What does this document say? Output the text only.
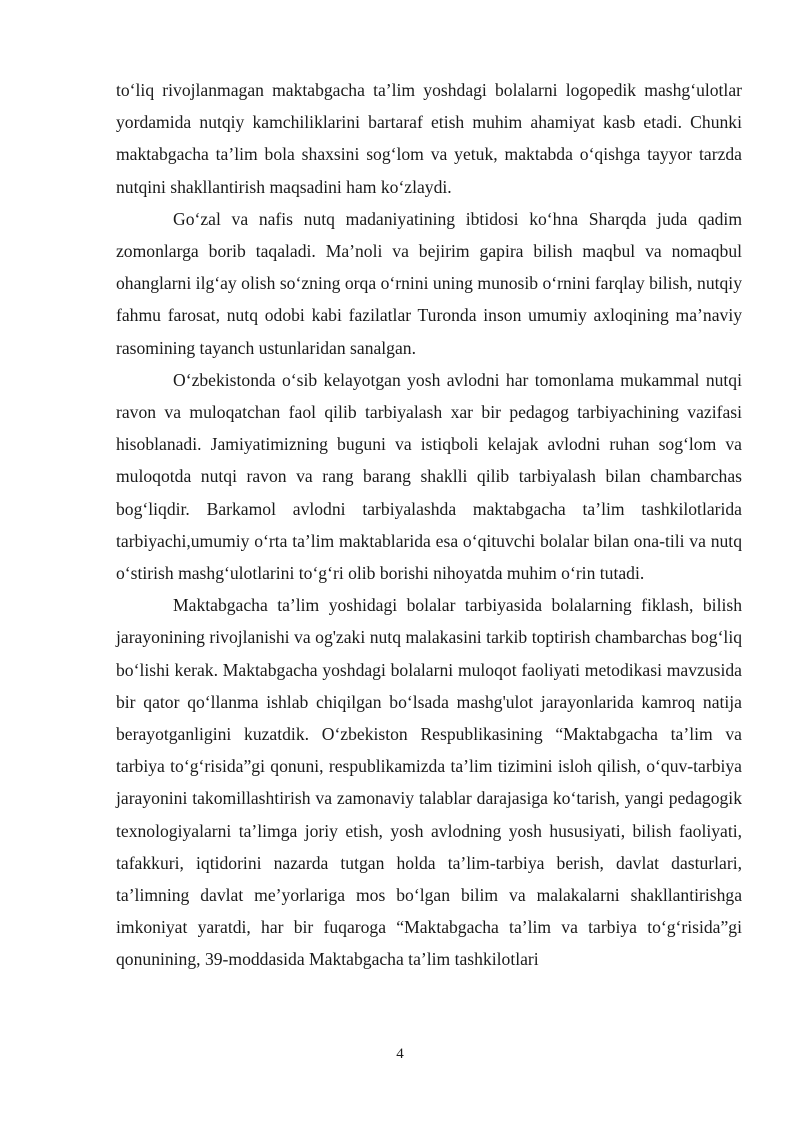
to‘liq rivojlanmagan maktabgacha ta’lim yoshdagi bolalarni logopedik mashg‘ulotlar yordamida nutqiy kamchiliklarini bartaraf etish muhim ahamiyat kasb etadi. Chunki maktabgacha ta’lim bola shaxsini sog‘lom va yetuk, maktabda o‘qishga tayyor tarzda nutqini shakllantirish maqsadini ham ko‘zlaydi.

Go‘zal va nafis nutq madaniyatining ibtidosi ko‘hna Sharqda juda qadim zomonlarga borib taqaladi. Ma’noli va bejirim gapira bilish maqbul va nomaqbul ohanglarni ilg‘ay olish so‘zning orqa o‘rnini uning munosib o‘rnini farqlay bilish, nutqiy fahmu farosat, nutq odobi kabi fazilatlar Turonda inson umumiy axloqining ma’naviy rasomining tayanch ustunlaridan sanalgan.

O‘zbekistonda o‘sib kelayotgan yosh avlodni har tomonlama mukammal nutqi ravon va muloqatchan faol qilib tarbiyalash xar bir pedagog tarbiyachining vazifasi hisoblanadi. Jamiyatimizning buguni va istiqboli kelajak avlodni ruhan sog‘lom va muloqotda nutqi ravon va rang barang shaklli qilib tarbiyalash bilan chambarchas bog‘liqdir. Barkamol avlodni tarbiyalashda maktabgacha ta’lim tashkilotlarida tarbiyachi,umumiy o‘rta ta’lim maktablarida esa o‘qituvchi bolalar bilan ona-tili va nutq o‘stirish mashg‘ulotlarini to‘g‘ri olib borishi nihoyatda muhim o‘rin tutadi.

Maktabgacha ta’lim yoshidagi bolalar tarbiyasida bolalarning fiklash, bilish jarayonining rivojlanishi va og'zaki nutq malakasini tarkib toptirish chambarchas bog‘liq bo‘lishi kerak. Maktabgacha yoshdagi bolalarni muloqot faoliyati metodikasi mavzusida bir qator qo‘llanma ishlab chiqilgan bo‘lsada mashg'ulot jarayonlarida kamroq natija berayotganligini kuzatdik. O‘zbekiston Respublikasining “Maktabgacha ta’lim va tarbiya to‘g‘risida”gi qonuni, respublikamizda ta’lim tizimini isloh qilish, o‘quv-tarbiya jarayonini takomillashtirish va zamonaviy talablar darajasiga ko‘tarish, yangi pedagogik texnologiyalarni ta’limga joriy etish, yosh avlodning yosh hususiyati, bilish faoliyati, tafakkuri, iqtidorini nazarda tutgan holda ta’lim-tarbiya berish, davlat dasturlari, ta’limning davlat me’yorlariga mos bo‘lgan bilim va malakalarni shakllantirishga imkoniyat yaratdi, har bir fuqaroga “Maktabgacha ta’lim va tarbiya to‘g‘risida”gi qonunining, 39-moddasida Maktabgacha ta’lim tashkilotlari

4
